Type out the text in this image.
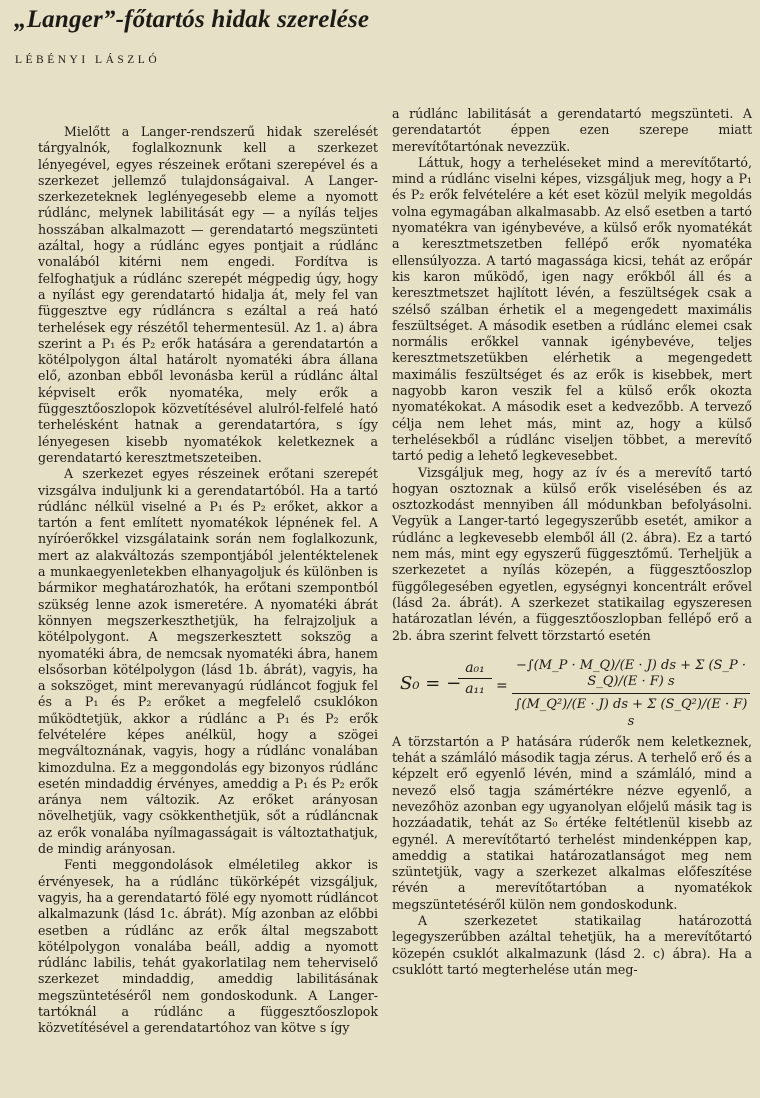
„Langer”-főtartós hidak szerelése
LÉBÉNYI LÁSZLÓ

Mielőtt a Langer-rendszerű hidak szerelését tárgyalnók, foglalkoznunk kell a szerkezet lényegével, egyes részeinek erőtani szerepével és a szerkezet jellemző tulajdonságaival. A Langer-szerkezeteknek leglényegesebb eleme a nyomott rúdlánc, melynek labilitását egy — a nyílás teljes hosszában alkalmazott — gerendatartó megszünteti azáltal, hogy a rúdlánc egyes pontjait a rúdlánc vonalából kitérni nem engedi. Fordítva is felfoghatjuk a rúdlánc szerepét mégpedig úgy, hogy a nyílást egy gerendatartó hidalja át, mely fel van függesztve egy rúdláncra s ezáltal a reá ható terhelések egy részétől tehermentesül. Az 1. a) ábra szerint a P₁ és P₂ erők hatására a gerendatartón a kötélpolygon által határolt nyomatéki ábra állana elő, azonban ebből levonásba kerül a rúdlánc által képviselt erők nyomatéka, mely erők a függesztőoszlopok közvetítésével alulról-felfelé ható terhelésként hatnak a gerendatartóra, s így lényegesen kisebb nyomatékok keletkeznek a gerendatartó keresztmetszeteiben.

A szerkezet egyes részeinek erőtani szerepét vizsgálva induljunk ki a gerendatartóból. Ha a tartó rúdlánc nélkül viselné a P₁ és P₂ erőket, akkor a tartón a fent említett nyomatékok lépnének fel. A nyíróerőkkel vizsgálataink során nem foglalkozunk, mert az alakváltozás szempontjából jelentéktelenek a munkaegyenletekben elhanyagoljuk és különben is bármikor meghatározhatók, ha erőtani szempontból szükség lenne azok ismeretére. A nyomatéki ábrát könnyen megszerkeszthetjük, ha felrajzoljuk a kötélpolygont. A megszerkesztett sokszög a nyomatéki ábra, de nemcsak nyomatéki ábra, hanem elsősorban kötélpolygon (lásd 1b. ábrát), vagyis, ha a sokszöget, mint merevanyagú rúdláncot fogjuk fel és a P₁ és P₂ erőket a megfelelő csuklókon működtetjük, akkor a rúdlánc a P₁ és P₂ erők felvételére képes anélkül, hogy a szögei megváltoznának, vagyis, hogy a rúdlánc vonalában kimozdulna. Ez a meggondolás egy bizonyos rúdlánc esetén mindaddig érvényes, ameddig a P₁ és P₂ erők aránya nem változik. Az erőket arányosan növelhetjük, vagy csökkenthetjük, sőt a rúdláncnak az erők vonalába nyílmagasságait is változtathatjuk, de mindig arányosan.

Fenti meggondolások elméletileg akkor is érvényesek, ha a rúdlánc tükörképét vizsgáljuk, vagyis, ha a gerendatartó fölé egy nyomott rúdláncot alkalmazunk (lásd 1c. ábrát). Míg azonban az előbbi esetben a rúdlánc az erők által megszabott kötélpolygon vonalába beáll, addig a nyomott rúdlánc labilis, tehát gyakorlatilag nem teherviselő szerkezet mindaddig, ameddig labilitásának megszüntetéséről nem gondoskodunk. A Langer-tartóknál a rúdlánc a függesztőoszlopok közvetítésével a gerendatartóhoz van kötve s így

a rúdlánc labilitását a gerendatartó megszünteti. A gerendatartót éppen ezen szerepe miatt merevítőtartónak nevezzük.

Láttuk, hogy a terheléseket mind a merevítőtartó, mind a rúdlánc viselni képes, vizsgáljuk meg, hogy a P₁ és P₂ erők felvételére a két eset közül melyik megoldás volna egymagában alkalmasabb. Az első esetben a tartó nyomatékra van igénybevéve, a külső erők nyomatékát a keresztmetszetben fellépő erők nyomatéka ellensúlyozza. A tartó magassága kicsi, tehát az erőpár kis karon működő, igen nagy erőkből áll és a keresztmetszet hajlított lévén, a feszültségek csak a szélső szálban érhetik el a megengedett maximális feszültséget. A második esetben a rúdlánc elemei csak normális erőkkel vannak igénybevéve, teljes keresztmetszetükben elérhetik a megengedett maximális feszültséget és az erők is kisebbek, mert nagyobb karon veszik fel a külső erők okozta nyomatékokat. A második eset a kedvezőbb. A tervező célja nem lehet más, mint az, hogy a külső terhelésekből a rúdlánc viseljen többet, a merevítő tartó pedig a lehető legkevesebbet.

Vizsgáljuk meg, hogy az ív és a merevítő tartó hogyan osztoznak a külső erők viselésében és az osztozkodást mennyiben áll módunkban befolyásolni. Vegyük a Langer-tartó legegyszerűbb esetét, amikor a rúdlánc a legkevesebb elemből áll (2. ábra). Ez a tartó nem más, mint egy egyszerű függesztőmű. Terheljük a szerkezetet a nyílás közepén, a függesztőoszlop függőlegesében egyetlen, egységnyi koncentrált erővel (lásd 2a. ábrát). A szerkezet statikailag egyszeresen határozatlan lévén, a függesztőoszlopban fellépő erő a 2b. ábra szerint felvett törzstartó esetén

S₀ = −
$\frac{\text{a₀₁}}{\text{a₁₁}} = \frac{-\int(M\_P \cdot M\_Q)/(E \cdot J) ds + \Sigma (S\_P \cdot S\_Q)/(E \cdot F) s}{\text{∫(M\_Q²)/(E · J) ds + Σ (S\_Q²)/(E · F) s}}$

A törzstartón a P hatására rúderők nem keletkeznek, tehát a számláló második tagja zérus. A terhelő erő és a képzelt erő egyenlő lévén, mind a számláló, mind a nevező első tagja számértékre nézve egyenlő, a nevezőhöz azonban egy ugyanolyan előjelű másik tag is hozzáadatik, tehát az S₀ értéke feltétlenül kisebb az egynél. A merevítőtartó terhelést mindenképpen kap, ameddig a statikai határozatlanságot meg nem szüntetjük, vagy a szerkezet alkalmas előfeszítése révén a merevítőtartóban a nyomatékok megszüntetéséről külön nem gondoskodunk.

A szerkezetet statikailag határozottá legegyszerűbben azáltal tehetjük, ha a merevítőtartó közepén csuklót alkalmazunk (lásd 2. c) ábra). Ha a csuklótt tartó megterhelése után meg-
